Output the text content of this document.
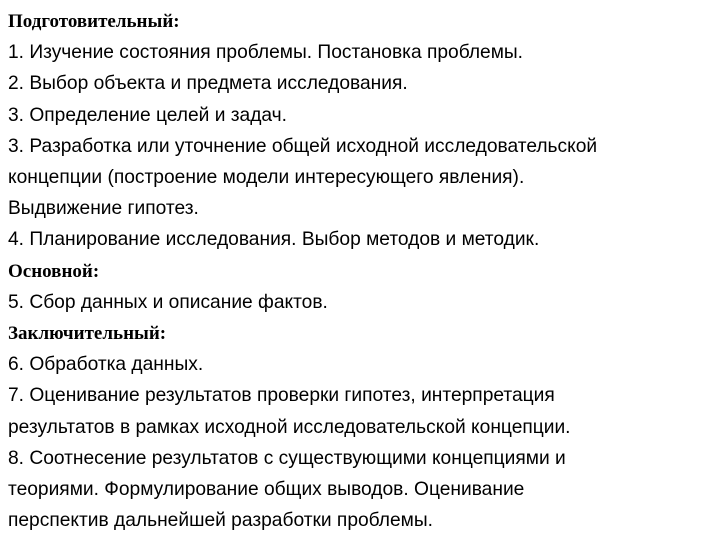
Подготовительный:
1. Изучение состояния проблемы. Постановка проблемы.
2. Выбор объекта и предмета исследования.
3. Определение целей и задач.
3. Разработка или уточнение общей исходной исследовательской
концепции (построение модели интересующего явления).
Выдвижение гипотез.
4. Планирование исследования. Выбор методов и методик.
Основной:
5. Сбор данных и описание фактов.
Заключительный:
6. Обработка данных.
7. Оценивание результатов проверки гипотез, интерпретация
результатов в рамках исходной исследовательской концепции.
8. Соотнесение результатов с существующими концепциями и
теориями. Формулирование общих выводов. Оценивание
перспектив дальнейшей разработки проблемы.
